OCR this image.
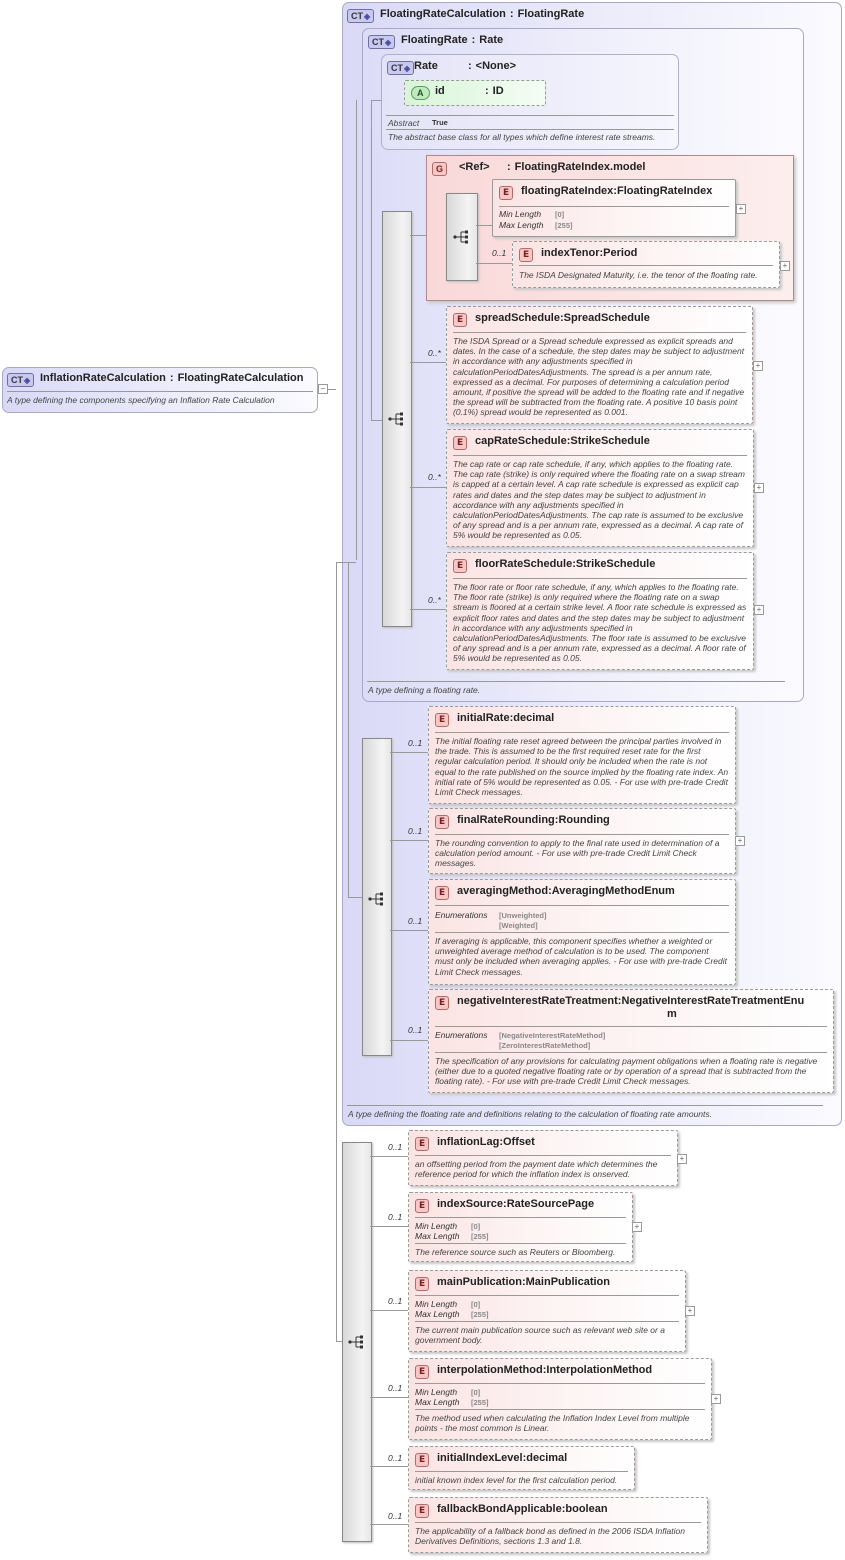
CT ◈	InflationRateCalculation : FloatingRateCalculation
A type defining the components specifying an Inflation Rate Calculation
−
CT ◈	FloatingRateCalculation : FloatingRate
A type defining the floating rate and definitions relating to the calculation of floating rate amounts.
CT ◈	FloatingRate : Rate
A type defining a floating rate.
CT ◈	Rate	: <None>
A	id	: ID
Abstract True
The abstract base class for all types which define interest rate streams.
G	<Ref> : FloatingRateIndex.model
E	floatingRateIndex:FloatingRateIndex
Min Length [0]
Max Length [255]
+
0..1	E	indexTenor:Period
The ISDA Designated Maturity, i.e. the tenor of the floating rate.
+
0..*
E	spreadSchedule:SpreadSchedule
The ISDA Spread or a Spread schedule expressed as explicit spreads and dates. In the case of a schedule, the step dates may be subject to adjustment in accordance with any adjustments specified in calculationPeriodDatesAdjustments. The spread is a per annum rate, expressed as a decimal. For purposes of determining a calculation period amount, if positive the spread will be added to the floating rate and if negative the spread will be subtracted from the floating rate. A positive 10 basis point (0.1%) spread would be represented as 0.001.
+
0..*
E	capRateSchedule:StrikeSchedule
The cap rate or cap rate schedule, if any, which applies to the floating rate. The cap rate (strike) is only required where the floating rate on a swap stream is capped at a certain level. A cap rate schedule is expressed as explicit cap rates and dates and the step dates may be subject to adjustment in accordance with any adjustments specified in calculationPeriodDatesAdjustments. The cap rate is assumed to be exclusive of any spread and is a per annum rate, expressed as a decimal. A cap rate of 5% would be represented as 0.05.
+
0..*
E	floorRateSchedule:StrikeSchedule
The floor rate or floor rate schedule, if any, which applies to the floating rate. The floor rate (strike) is only required where the floating rate on a swap stream is floored at a certain strike level. A floor rate schedule is expressed as explicit floor rates and dates and the step dates may be subject to adjustment in accordance with any adjustments specified in calculationPeriodDatesAdjustments. The floor rate is assumed to be exclusive of any spread and is a per annum rate, expressed as a decimal. A floor rate of 5% would be represented as 0.05.
+
0..1
E	initialRate:decimal
The initial floating rate reset agreed between the principal parties involved in the trade. This is assumed to be the first required reset rate for the first regular calculation period. It should only be included when the rate is not equal to the rate published on the source implied by the floating rate index. An initial rate of 5% would be represented as 0.05. - For use with pre-trade Credit Limit Check messages.
0..1
E	finalRateRounding:Rounding
The rounding convention to apply to the final rate used in determination of a calculation period amount. - For use with pre-trade Credit Limit Check messages.
+
0..1
E	averagingMethod:AveragingMethodEnum
Enumerations [Unweighted]
[Weighted]
If averaging is applicable, this component specifies whether a weighted or unweighted average method of calculation is to be used. The component must only be included when averaging applies. - For use with pre-trade Credit Limit Check messages.
0..1
E	negativeInterestRateTreatment:NegativeInterestRateTreatmentEnu
m
Enumerations [NegativeInterestRateMethod]
[ZeroInterestRateMethod]
The specification of any provisions for calculating payment obligations when a floating rate is negative (either due to a quoted negative floating rate or by operation of a spread that is subtracted from the floating rate). - For use with pre-trade Credit Limit Check messages.
0..1	E	inflationLag:Offset
an offsetting period from the payment date which determines the reference period for which the inflation index is onserved.
+
0..1
E	indexSource:RateSourcePage
Min Length [0]
Max Length [255]
The reference source such as Reuters or Bloomberg.
+
0..1
E	mainPublication:MainPublication
Min Length [0]
Max Length [255]
The current main publication source such as relevant web site or a government body.
+
0..1
E	interpolationMethod:InterpolationMethod
Min Length [0]
Max Length [255]
The method used when calculating the Inflation Index Level from multiple points - the most common is Linear.
+
0..1	E	initialIndexLevel:decimal
initial known index level for the first calculation period.
0..1	E	fallbackBondApplicable:boolean
The applicability of a fallback bond as defined in the 2006 ISDA Inflation Derivatives Definitions, sections 1.3 and 1.8.
